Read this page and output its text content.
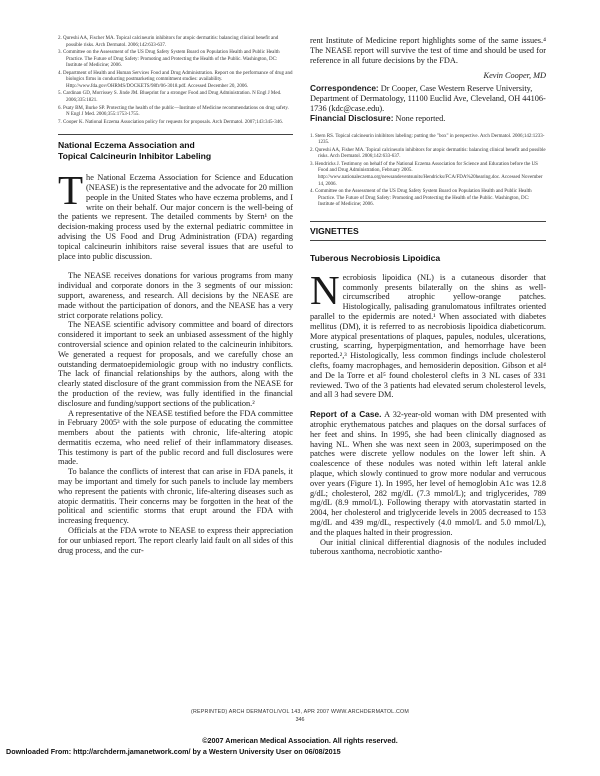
2. Qureshi AA, Fischer MA. Topical calcineurin inhibitors for atopic dermatitis: balancing clinical benefit and possible risks. Arch Dermatol. 2006;142:633-637.
3. Committee on the Assessment of the US Drug Safety System Board on Population Health and Public Health Practice. The Future of Drug Safety: Promoting and Protecting the Health of the Public. Washington, DC: Institute of Medicine; 2006.
4. Department of Health and Human Services Food and Drug Administration. Report on the performance of drug and biologics firms in conducting postmarketing commitment studies: availability. Http://www.fda.gov/OHRMS/DOCKETS/98fr/06-3018.pdf. Accessed December 20, 2006.
5. Cardinan GD, Morrissey S. Jinde JM. Blueprint for a stronger Food and Drug Administration. N Engl J Med. 2006;335:1821.
6. Psaty BM, Burke SP. Protecting the health of the public—Institute of Medicine recommendations on drug safety. N Engl J Med. 2006;355:1753-1755.
7. Cooper K. National Eczema Association policy for requests for proposals. Arch Dermatol. 2007;143:345-346.
National Eczema Association and
Topical Calcineurin Inhibitor Labeling

The National Eczema Association for Science and Education (NEASE) is the representative and the advocate for 20 million people in the United States who have eczema problems, and I write on their behalf. Our major concern is the well-being of the patients we represent. The detailed comments by Stern¹ on the decision-making process used by the external pediatric committee in advising the US Food and Drug Administration (FDA) regarding topical calcineurin inhibitors raise several issues that are useful to place into public discussion.

The NEASE receives donations for various programs from many individual and corporate donors in the 3 segments of our mission: support, awareness, and research. All decisions by the NEASE are made without the participation of donors, and the NEASE has a very strict corporate relations policy.

The NEASE scientific advisory committee and board of directors considered it important to seek an unbiased assessment of the highly controversial science and opinion related to the calcineurin inhibitors. We generated a request for proposals, and we carefully chose an outstanding dermatoepidemiologic group with no industry conflicts. The lack of financial relationships by the authors, along with the clearly stated disclosure of the grant commission from the NEASE for the production of the review, was fully identified in the financial disclosure and funding/support sections of the publication.²

A representative of the NEASE testified before the FDA committee in February 2005³ with the sole purpose of educating the committee members about the patients with chronic, life-altering atopic dermatitis eczema, who need relief of their inflammatory diseases. This testimony is part of the public record and full disclosures were made.

To balance the conflicts of interest that can arise in FDA panels, it may be important and timely for such panels to include lay members who represent the patients with chronic, life-altering diseases such as atopic dermatitis. Their concerns may be forgotten in the heat of the political and scientific storms that erupt around the FDA with increasing frequency.

Officials at the FDA wrote to NEASE to express their appreciation for our unbiased report. The report clearly laid fault on all sides of this drug process, and the cur-

rent Institute of Medicine report highlights some of the same issues.⁴ The NEASE report will survive the test of time and should be used for reference in all future decisions by the FDA.

Kevin Cooper, MD
Correspondence: Dr Cooper, Case Western Reserve University, Department of Dermatology, 11100 Euclid Ave, Cleveland, OH 44106-1736 (kdc@case.edu).
Financial Disclosure: None reported.
1. Stern RS. Topical calcineurin inhibitors labeling: putting the "box" in perspective. Arch Dermatol. 2006;142:1233-1235.
2. Qureshi AA, Fisher MA. Topical calcineurin inhibitors for atopic dermatitis: balancing clinical benefit and possible risks. Arch Dermatol. 2006;142:633-637.
3. Hendricks J. Testimony on behalf of the National Eczema Association for Science and Education before the US Food and Drug Administration, February 2005. http://www.nationaleczema.org/newsandeventsunits/Hendricks/FCA/FDA%20hearing.doc. Accessed November 14, 2006.
4. Committee on the Assessment of the US Drug Safety System Board on Population Health and Public Health Practice. The Future of Drug Safety: Promoting and Protecting the Health of the Public. Washington, DC: Institute of Medicine; 2006.
VIGNETTES
Tuberous Necrobiosis Lipoidica

Necrobiosis lipoidica (NL) is a cutaneous disorder that commonly presents bilaterally on the shins as well-circumscribed atrophic yellow-orange patches. Histologically, palisading granulomatous infiltrates oriented parallel to the epidermis are noted.¹ When associated with diabetes mellitus (DM), it is referred to as necrobiosis lipoidica diabeticorum. More atypical presentations of plaques, papules, nodules, ulcerations, crusting, scarring, hyperpigmentation, and hemorrhage have been reported.²,³ Histologically, less common findings include cholesterol clefts, foamy macrophages, and hemosiderin deposition. Gibson et al⁴ and De la Torre et al⁵ found cholesterol clefts in 3 NL cases of 331 reviewed. Two of the 3 patients had elevated serum cholesterol levels, and all 3 had severe DM.

Report of a Case. A 32-year-old woman with DM presented with atrophic erythematous patches and plaques on the dorsal surfaces of her feet and shins. In 1995, she had been clinically diagnosed as having NL. When she was next seen in 2003, superimposed on the patches were discrete yellow nodules on the lower left shin. A coalescence of these nodules was noted within left lateral ankle plaque, which slowly continued to grow more nodular and verrucous over years (Figure 1). In 1995, her level of hemoglobin A1c was 12.8 g/dL; cholesterol, 282 mg/dL (7.3 mmol/L); and triglycerides, 789 mg/dL (8.9 mmol/L). Following therapy with atorvastatin started in 2004, her cholesterol and triglyceride levels in 2005 decreased to 153 mg/dL and 439 mg/dL, respectively (4.0 mmol/L and 5.0 mmol/L), and the plaques halted in their progression.

Our initial clinical differential diagnosis of the nodules included tuberous xanthoma, necrobiotic xantho-

(REPRINTED) ARCH DERMATOL/VOL 143, APR 2007 WWW.ARCHDERMATOL.COM
346
©2007 American Medical Association. All rights reserved.
Downloaded From: http://archderm.jamanetwork.com/ by a Western University User on 06/08/2015
